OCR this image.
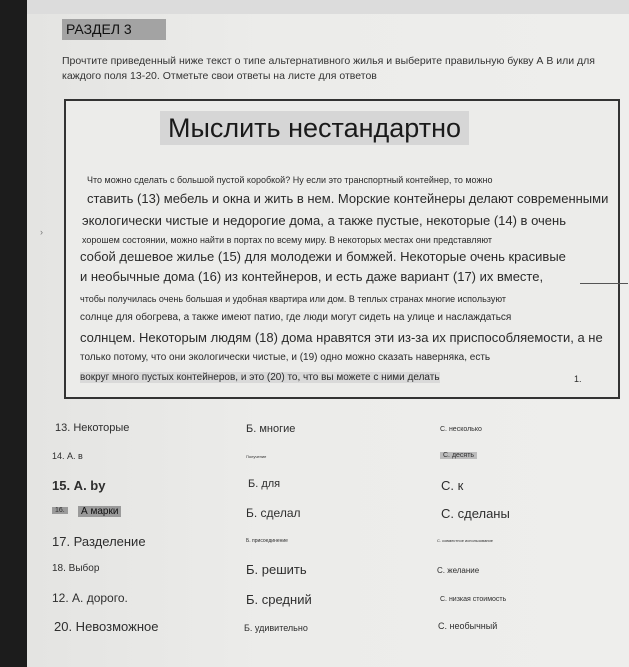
РАЗДЕЛ 3
Прочтите приведенный ниже текст о типе альтернативного жилья и выберите правильную букву А В или для
каждого поля 13-20. Отметьте свои ответы на листе для ответов
Мыслить нестандартно
›
Что можно сделать с большой пустой коробкой? Ну если это транспортный контейнер, то можно
ставить (13) мебель и окна и жить в нем. Морские контейнеры делают современными
экологически чистые и недорогие дома, а также пустые, некоторые (14) в очень
хорошем состоянии, можно найти в портах по всему миру. В некоторых местах они представляют
собой дешевое жилье (15) для молодежи и бомжей. Некоторые очень красивые
и необычные дома (16) из контейнеров, и есть даже вариант (17) их вместе,
чтобы получилась очень большая и удобная квартира или дом. В теплых странах многие используют
солнце для обогрева, а также имеют патио, где люди могут сидеть на улице и наслаждаться
солнцем. Некоторым людям (18) дома нравятся эти из-за их приспособляемости, а не
только потому, что они экологически чистые, и (19) одно можно сказать наверняка, есть
вокруг много пустых контейнеров, и это (20) то, что вы можете с ними делать	1.
13. Некоторые	Б. многие	С. несколько
14. А. в	Получение	С. десять
15. А. by	Б. для	С. к
16.	А марки	Б. сделал	С. сделаны
17. Разделение	Б. присоединение	С. совместное использование
18. Выбор	Б. решить	С. желание
12. А. дорого.	Б. средний	С. низкая стоимость
20. Невозможное	Б. удивительно	С. необычный
